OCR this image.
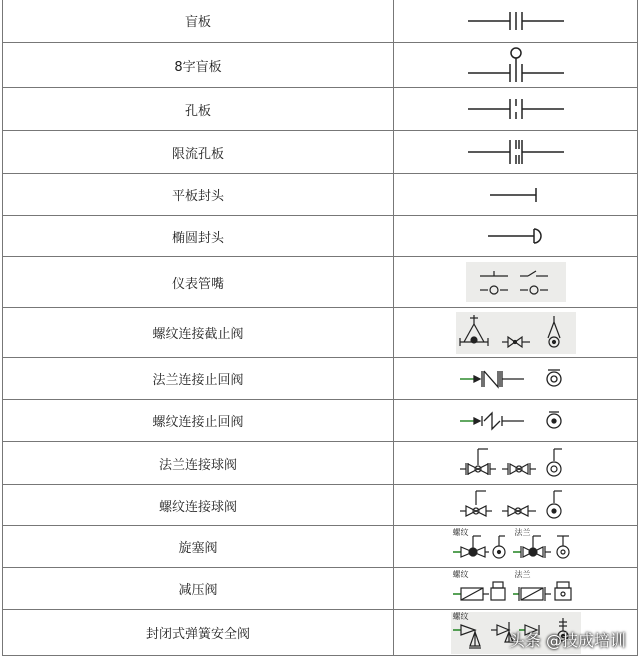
盲板	

8字盲板	

孔板	

限流孔板	

平板封头	

椭圆封头	

仪表管嘴	

螺纹连接截止阀	

法兰连接止回阀	

螺纹连接止回阀	

法兰连接球阀	

螺纹连接球阀	

旋塞阀	螺纹 法兰

减压阀	螺纹 法兰

封闭式弹簧安全阀	螺纹
头条 @技成培训
